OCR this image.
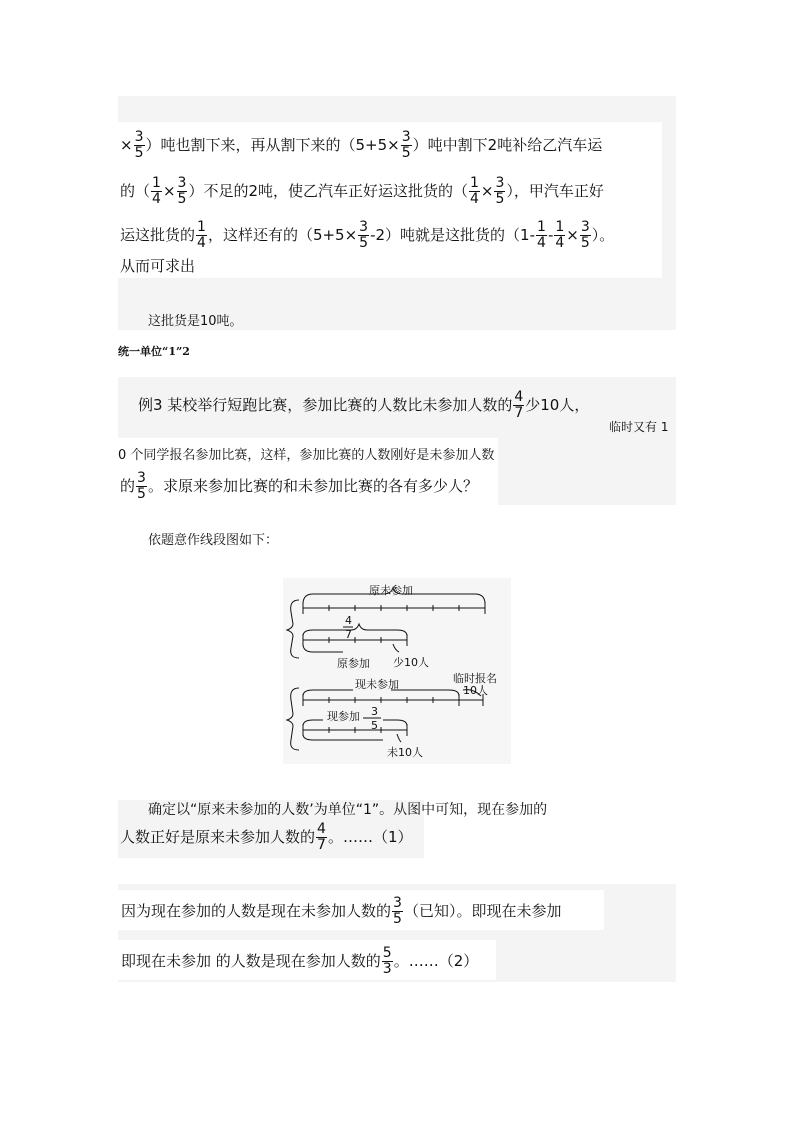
× $\frac{3}{5}$ ）吨也割下来，再从割下来的（$5+5\times \frac{3}{5}$ ）吨中割下2吨补给乙汽车运
的（ $\frac{1}{4} \times \frac{3}{5}$ ）不足的2吨，使乙汽车正好运这批货的（ $\frac{1}{4} \times \frac{3}{5}$ ），甲汽车正好
运这批货的 $\frac{1}{4}$ ，这样还有的$(5+5\times \frac{3}{5} -2)$吨就是这批货的（$1- \frac{1}{4} - \frac{1}{4} \times \frac{3}{5}$ ）。
从而可求出
这批货是10吨。
统一单位“1”2
例3 某校举行短跑比赛，参加比赛的人数比未参加人数的 $\frac{4}{7}$ 少10人，
临时又有 1
0 个同学报名参加比赛，这样，参加比赛的人数刚好是未参加人数
的 $\frac{3}{5}$ 。求原来参加比赛的和未参加比赛的各有多少人？
依题意作线段图如下：
原未参加
4
7
原参加 少10人
现未参加	临时报名
10人
现参加 3
5
未10人
确定以“原来未参加的人数’为单位“1”。从图中可知，现在参加的
人数正好是原来未参加人数的 $\frac{4}{7}$ 。……（1）
因为现在参加的人数是现在未参加人数的 $\frac{3}{5}$ （已知）。即现在未参加
即现在未参加 的人数是现在参加人数的 $\frac{5}{3}$ 。……（2）
